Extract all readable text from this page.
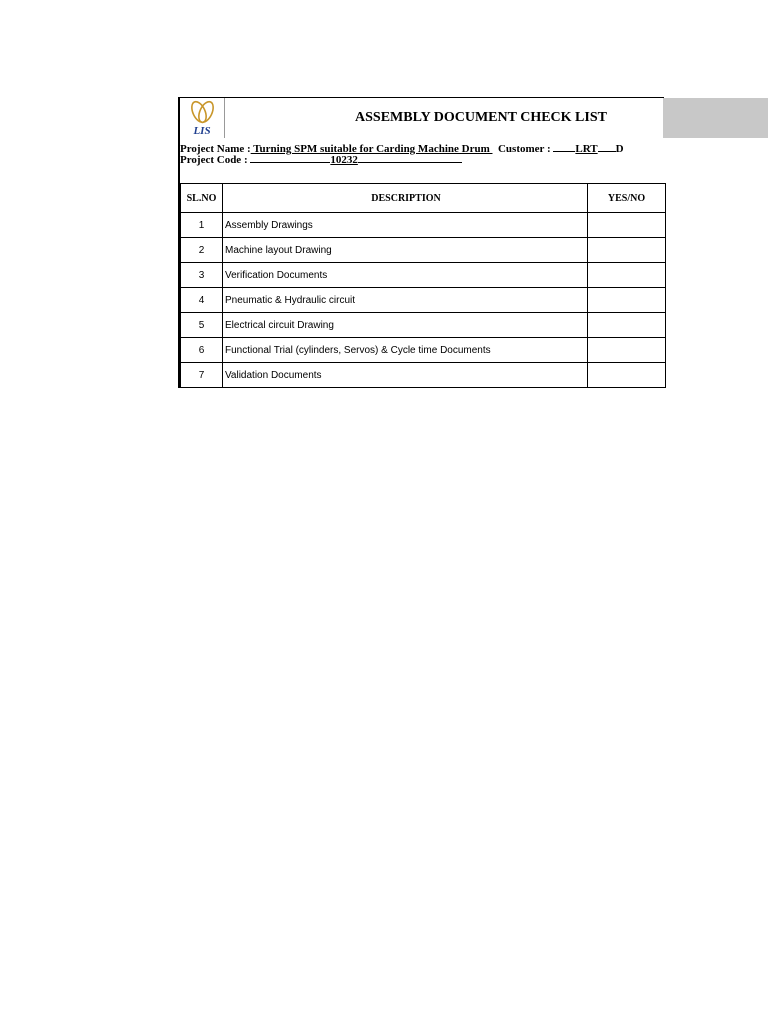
LIS
ASSEMBLY DOCUMENT CHECK LIST
Project Name : Turning SPM suitable for Carding Machine Drum   Customer : LRT D
Project Code :	10232
SL.NO	DESCRIPTION	YES/NO
1	Assembly Drawings	
2	Machine layout Drawing	
3	Verification Documents	
4	Pneumatic & Hydraulic circuit	
5	Electrical circuit Drawing	
6	Functional Trial (cylinders, Servos) & Cycle time Documents	
7	Validation Documents	
